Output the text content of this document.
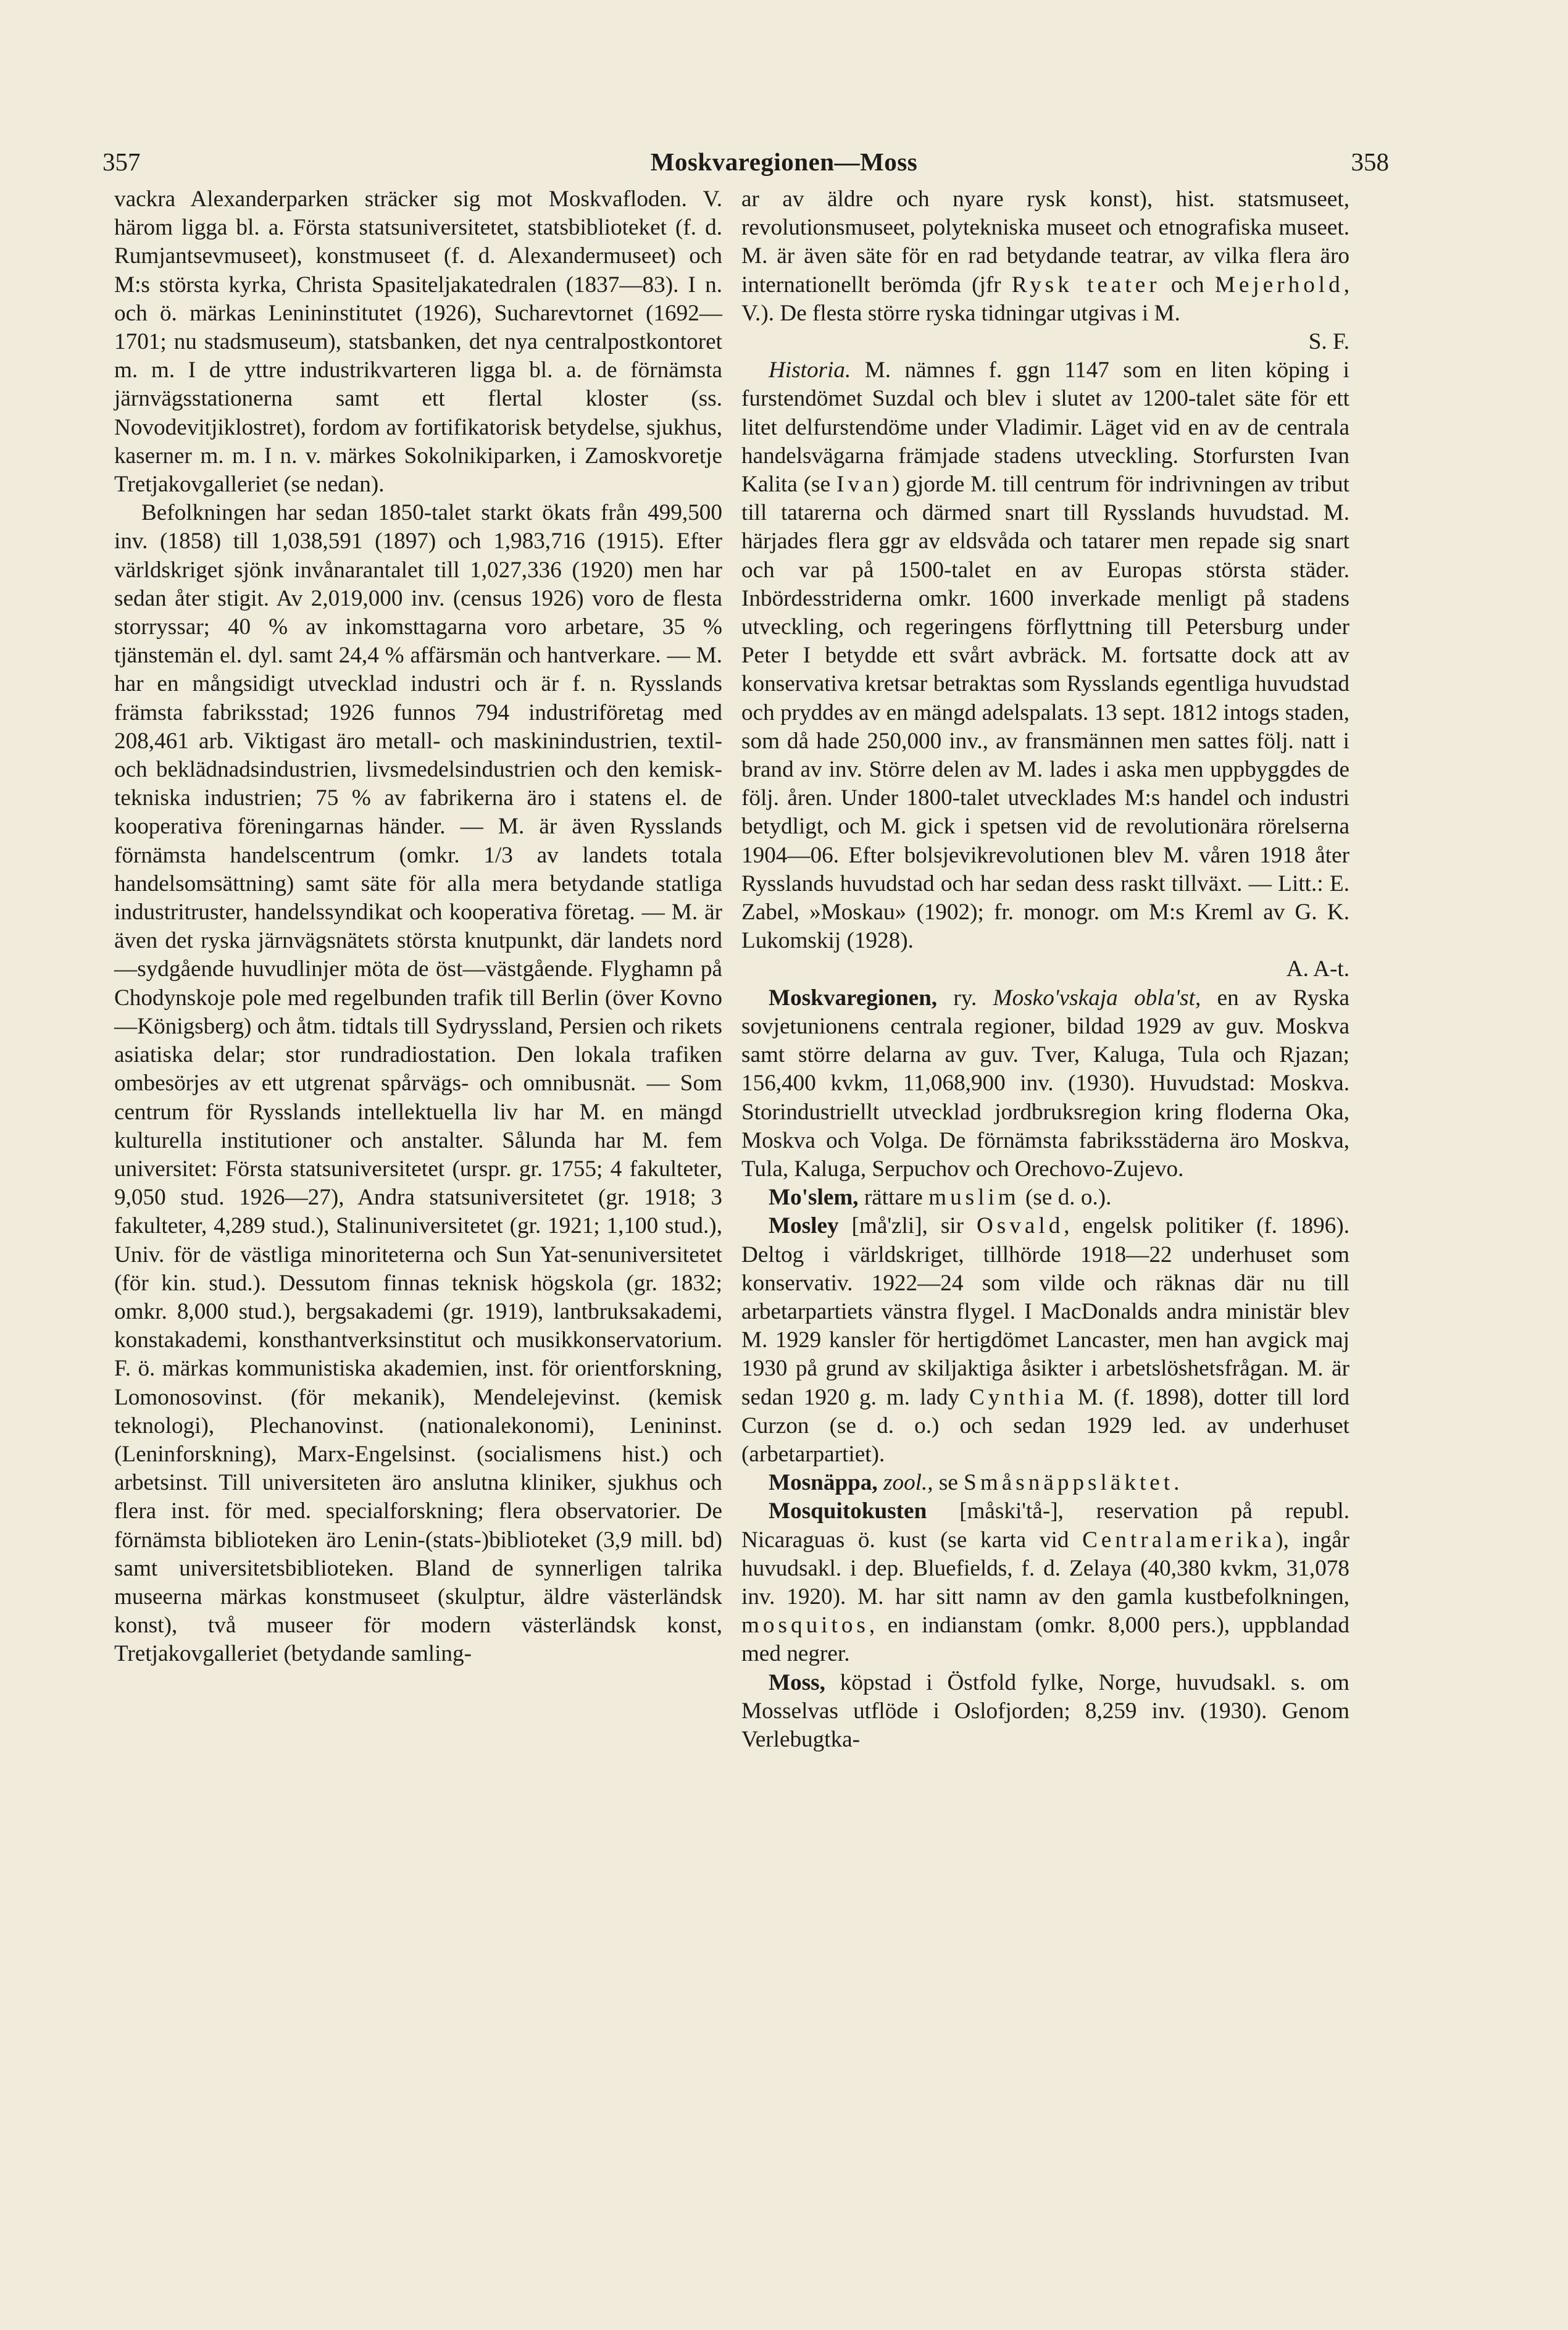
357	Moskvaregionen—Moss	358

vackra Alexanderparken sträcker sig mot Moskvafloden. V. härom ligga bl. a. Första statsuniversitetet, statsbiblioteket (f. d. Rumjantsevmuseet), konstmuseet (f. d. Alexandermuseet) och M:s största kyrka, Christa Spasiteljakatedralen (1837—83). I n. och ö. märkas Lenininstitutet (1926), Sucharevtornet (1692—1701; nu stadsmuseum), statsbanken, det nya centralpostkontoret m. m. I de yttre industrikvarteren ligga bl. a. de förnämsta järnvägsstationerna samt ett flertal kloster (ss. Novodevitjiklostret), fordom av fortifikatorisk betydelse, sjukhus, kaserner m. m. I n. v. märkes Sokolnikiparken, i Zamoskvoretje Tretjakovgalleriet (se nedan).

Befolkningen har sedan 1850-talet starkt ökats från 499,500 inv. (1858) till 1,038,591 (1897) och 1,983,716 (1915). Efter världskriget sjönk invånarantalet till 1,027,336 (1920) men har sedan åter stigit. Av 2,019,000 inv. (census 1926) voro de flesta storryssar; 40 % av inkomsttagarna voro arbetare, 35 % tjänstemän el. dyl. samt 24,4 % affärsmän och hantverkare. — M. har en mångsidigt utvecklad industri och är f. n. Rysslands främsta fabriksstad; 1926 funnos 794 industriföretag med 208,461 arb. Viktigast äro metall- och maskinindustrien, textil- och beklädnadsindustrien, livsmedelsindustrien och den kemisk-tekniska industrien; 75 % av fabrikerna äro i statens el. de kooperativa föreningarnas händer. — M. är även Rysslands förnämsta handelscentrum (omkr. 1/3 av landets totala handelsomsättning) samt säte för alla mera betydande statliga industritruster, handelssyndikat och kooperativa företag. — M. är även det ryska järnvägsnätets största knutpunkt, där landets nord—sydgående huvudlinjer möta de öst—västgående. Flyghamn på Chodynskoje pole med regelbunden trafik till Berlin (över Kovno—Königsberg) och åtm. tidtals till Sydryssland, Persien och rikets asiatiska delar; stor rundradiostation. Den lokala trafiken ombesörjes av ett utgrenat spårvägs- och omnibusnät. — Som centrum för Rysslands intellektuella liv har M. en mängd kulturella institutioner och anstalter. Sålunda har M. fem universitet: Första statsuniversitetet (urspr. gr. 1755; 4 fakulteter, 9,050 stud. 1926—27), Andra statsuniversitetet (gr. 1918; 3 fakulteter, 4,289 stud.), Stalinuniversitetet (gr. 1921; 1,100 stud.), Univ. för de västliga minoriteterna och Sun Yat-senuniversitetet (för kin. stud.). Dessutom finnas teknisk högskola (gr. 1832; omkr. 8,000 stud.), bergsakademi (gr. 1919), lantbruksakademi, konstakademi, konsthantverksinstitut och musikkonservatorium. F. ö. märkas kommunistiska akademien, inst. för orientforskning, Lomonosovinst. (för mekanik), Mendelejevinst. (kemisk teknologi), Plechanovinst. (nationalekonomi), Lenininst. (Leninforskning), Marx-Engelsinst. (socialismens hist.) och arbetsinst. Till universiteten äro anslutna kliniker, sjukhus och flera inst. för med. specialforskning; flera observatorier. De förnämsta biblioteken äro Lenin-(stats-)biblioteket (3,9 mill. bd) samt universitetsbiblioteken. Bland de synnerligen talrika museerna märkas konstmuseet (skulptur, äldre västerländsk konst), två museer för modern västerländsk konst, Tretjakovgalleriet (betydande samling-

ar av äldre och nyare rysk konst), hist. statsmuseet, revolutionsmuseet, polytekniska museet och etnografiska museet. M. är även säte för en rad betydande teatrar, av vilka flera äro internationellt berömda (jfr Rysk teater och Mejerhold, V.). De flesta större ryska tidningar utgivas i M.

S. F.

Historia. M. nämnes f. ggn 1147 som en liten köping i furstendömet Suzdal och blev i slutet av 1200-talet säte för ett litet delfurstendöme under Vladimir. Läget vid en av de centrala handelsvägarna främjade stadens utveckling. Storfursten Ivan Kalita (se Ivan) gjorde M. till centrum för indrivningen av tribut till tatarerna och därmed snart till Rysslands huvudstad. M. härjades flera ggr av eldsvåda och tatarer men repade sig snart och var på 1500-talet en av Europas största städer. Inbördesstriderna omkr. 1600 inverkade menligt på stadens utveckling, och regeringens förflyttning till Petersburg under Peter I betydde ett svårt avbräck. M. fortsatte dock att av konservativa kretsar betraktas som Rysslands egentliga huvudstad och pryddes av en mängd adelspalats. 13 sept. 1812 intogs staden, som då hade 250,000 inv., av fransmännen men sattes följ. natt i brand av inv. Större delen av M. lades i aska men uppbyggdes de följ. åren. Under 1800-talet utvecklades M:s handel och industri betydligt, och M. gick i spetsen vid de revolutionära rörelserna 1904—06. Efter bolsjevikrevolutionen blev M. våren 1918 åter Rysslands huvudstad och har sedan dess raskt tillväxt. — Litt.: E. Zabel, »Moskau» (1902); fr. monogr. om M:s Kreml av G. K. Lukomskij (1928).

A. A-t.

Moskvaregionen, ry. Mosko'vskaja obla'st, en av Ryska sovjetunionens centrala regioner, bildad 1929 av guv. Moskva samt större delarna av guv. Tver, Kaluga, Tula och Rjazan; 156,400 kvkm, 11,068,900 inv. (1930). Huvudstad: Moskva. Storindustriellt utvecklad jordbruksregion kring floderna Oka, Moskva och Volga. De förnämsta fabriksstäderna äro Moskva, Tula, Kaluga, Serpuchov och Orechovo-Zujevo.

Mo'slem, rättare muslim (se d. o.).

Mosley [må'zli], sir Osvald, engelsk politiker (f. 1896). Deltog i världskriget, tillhörde 1918—22 underhuset som konservativ. 1922—24 som vilde och räknas där nu till arbetarpartiets vänstra flygel. I MacDonalds andra ministär blev M. 1929 kansler för hertigdömet Lancaster, men han avgick maj 1930 på grund av skiljaktiga åsikter i arbetslöshetsfrågan. M. är sedan 1920 g. m. lady Cynthia M. (f. 1898), dotter till lord Curzon (se d. o.) och sedan 1929 led. av underhuset (arbetarpartiet).

Mosnäppa, zool., se Småsnäppsläktet.

Mosquitokusten [måski'tå-], reservation på republ. Nicaraguas ö. kust (se karta vid Centralamerika), ingår huvudsakl. i dep. Bluefields, f. d. Zelaya (40,380 kvkm, 31,078 inv. 1920). M. har sitt namn av den gamla kustbefolkningen, mosquitos, en indianstam (omkr. 8,000 pers.), uppblandad med negrer.

Moss, köpstad i Östfold fylke, Norge, huvudsakl. s. om Mosselvas utflöde i Oslofjorden; 8,259 inv. (1930). Genom Verlebugtka-
